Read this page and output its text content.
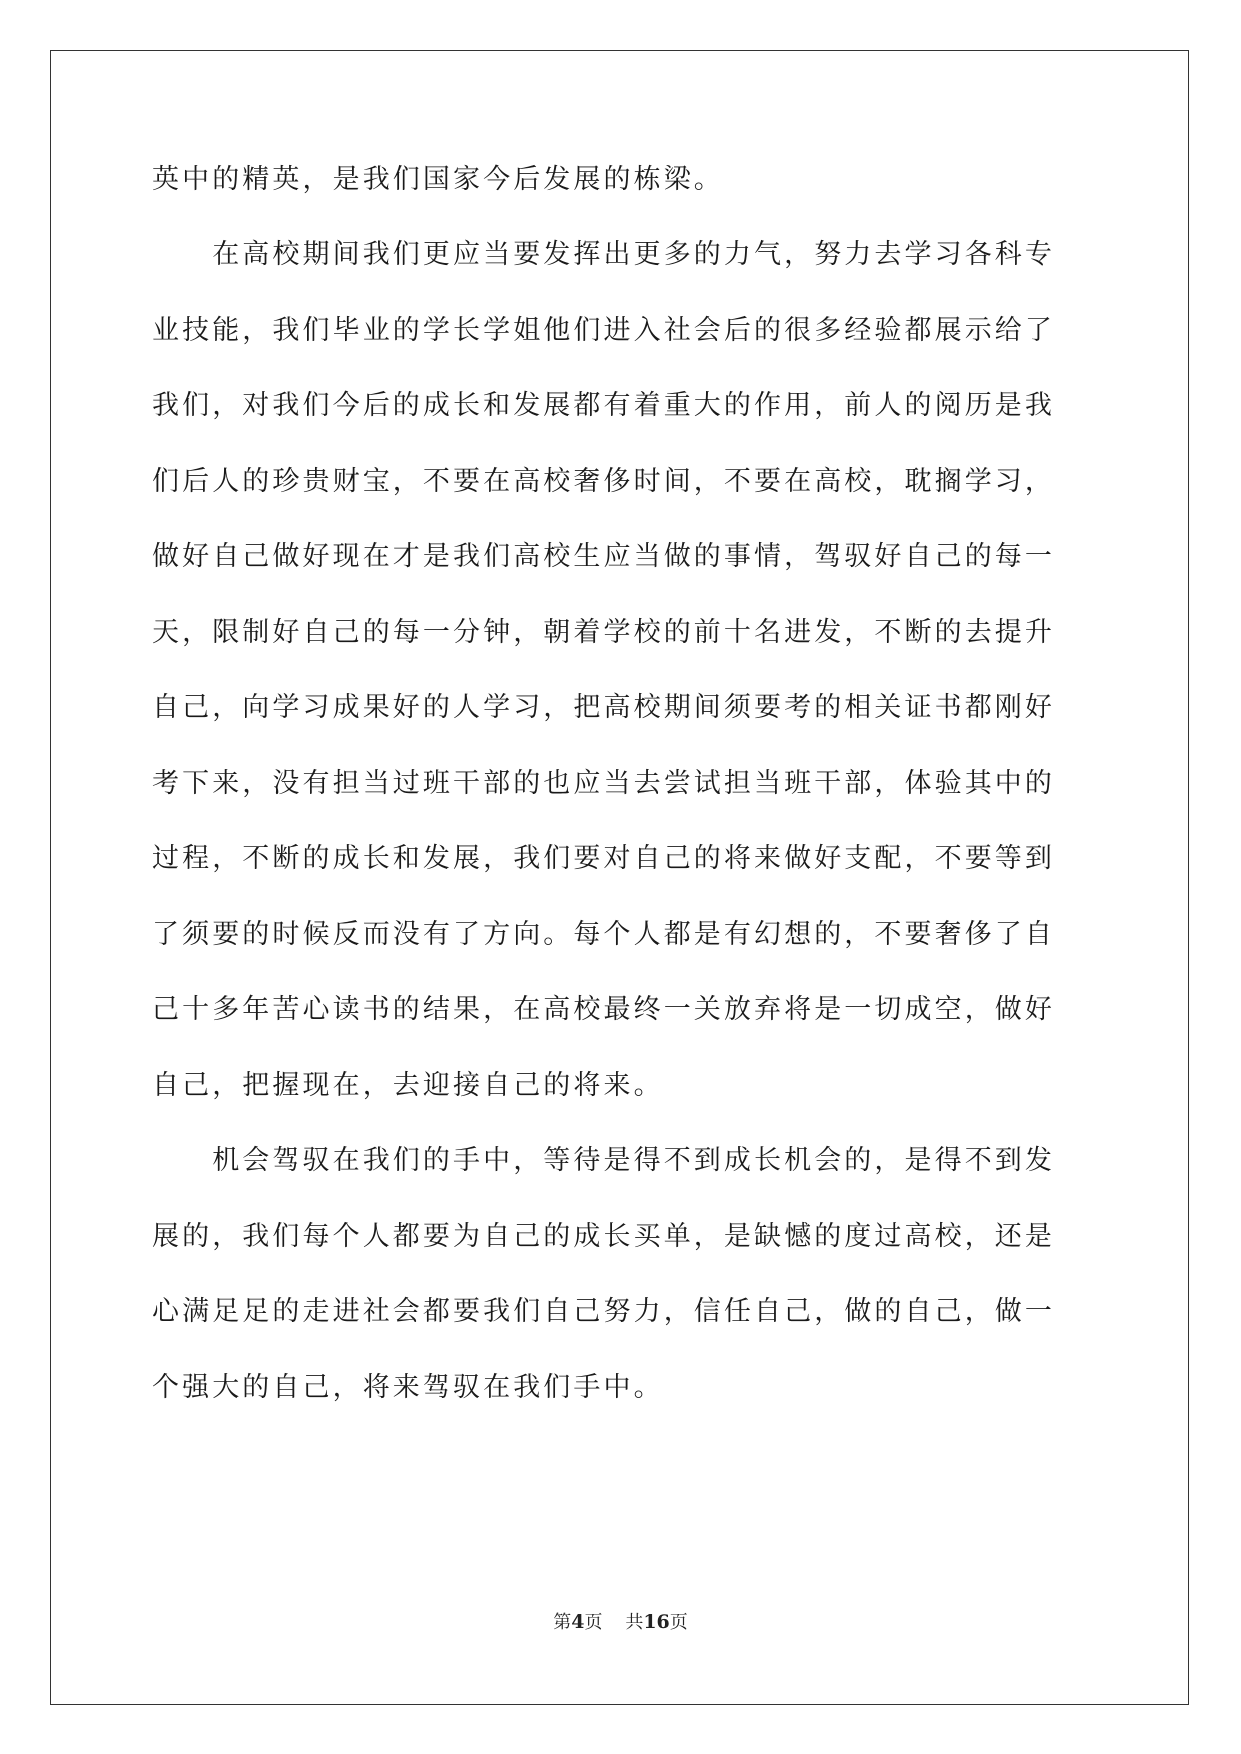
英中的精英，是我们国家今后发展的栋梁。
　　在高校期间我们更应当要发挥出更多的力气，努力去学习各科专
业技能，我们毕业的学长学姐他们进入社会后的很多经验都展示给了
我们，对我们今后的成长和发展都有着重大的作用，前人的阅历是我
们后人的珍贵财宝，不要在高校奢侈时间，不要在高校，耽搁学习，
做好自己做好现在才是我们高校生应当做的事情，驾驭好自己的每一
天，限制好自己的每一分钟，朝着学校的前十名进发，不断的去提升
自己，向学习成果好的人学习，把高校期间须要考的相关证书都刚好
考下来，没有担当过班干部的也应当去尝试担当班干部，体验其中的
过程，不断的成长和发展，我们要对自己的将来做好支配，不要等到
了须要的时候反而没有了方向。每个人都是有幻想的，不要奢侈了自
己十多年苦心读书的结果，在高校最终一关放弃将是一切成空，做好
自己，把握现在，去迎接自己的将来。
　　机会驾驭在我们的手中，等待是得不到成长机会的，是得不到发
展的，我们每个人都要为自己的成长买单，是缺憾的度过高校，还是
心满足足的走进社会都要我们自己努力，信任自己，做的自己，做一
个强大的自己，将来驾驭在我们手中。
第4页 共16页
